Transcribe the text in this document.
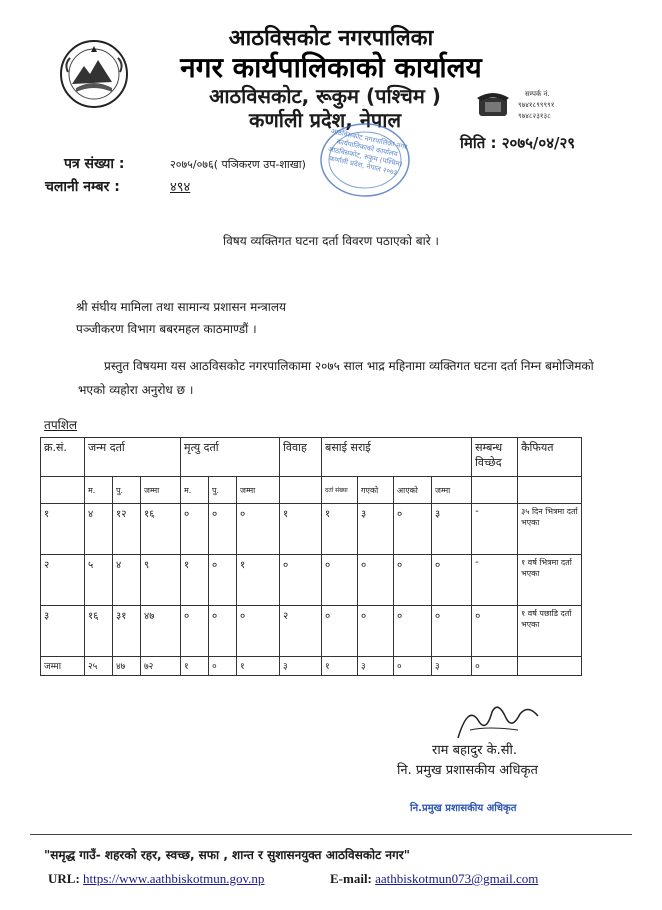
आठविसकोट नगरपालिका
नगर कार्यपालिकाको कार्यालय
आठविसकोट, रूकुम (पश्चिम )
कर्णाली प्रदेश, नेपाल
सम्पर्क नं.
९७४१८९९९९१
९७४८२३१३८
आठविसकोट नगरपालिका नगर कार्यपालिकाको कार्यालय आठविसकोट, रुकुम (पश्चिम) कर्णाली प्रदेश, नेपाल २०७३
मिति : २०७५/०४/२९
पत्र संख्या :	२०७५/०७६( पञिकरण उप-शाखा)
चलानी नम्बर :	४९४
विषय व्यक्तिगत घटना दर्ता विवरण पठाएको बारे ।
श्री संघीय मामिला तथा सामान्य प्रशासन मन्त्रालय
पञ्जीकरण विभाग बबरमहल काठमाण्डौं ।
प्रस्तुत विषयमा यस आठविसकोट नगरपालिकामा २०७५ साल भाद्र महिनामा व्यक्तिगत घटना दर्ता निम्न बमोजिमको भएको व्यहोरा अनुरोध छ ।
तपशिल
क्र.सं.	जन्म दर्ता			मृत्यु दर्ता			विवाह	बसाई सराई				सम्बन्ध विच्छेद	कैफियत
	म.	पु.	जम्मा	म.	पु.	जम्मा		दर्ता संख्या	गएको	आएको	जम्मा		
१	४	१२	१६	०	०	०	१	१	३	०	३	-	३५ दिन भित्रमा दर्ता भएका
२	५	४	९	१	०	१	०	०	०	०	०	-	१ वर्ष भित्रमा दर्ता भएका
३	१६	३१	४७	०	०	०	२	०	०	०	०	०	१ वर्ष पछाडि दर्ता भएका
जम्मा	२५	४७	७२	१	०	१	३	१	३	०	३	०	
राम बहादुर के.सी.
नि. प्रमुख प्रशासकीय अधिकृत
नि.प्रमुख प्रशासकीय अधिकृत
"समृद्ध गाउँ- शहरको रहर, स्वच्छ, सफा , शान्त र सुशासनयुक्त आठविसकोट नगर"
URL: https://www.aathbiskotmun.gov.np	E-mail: aathbiskotmun073@gmail.com
